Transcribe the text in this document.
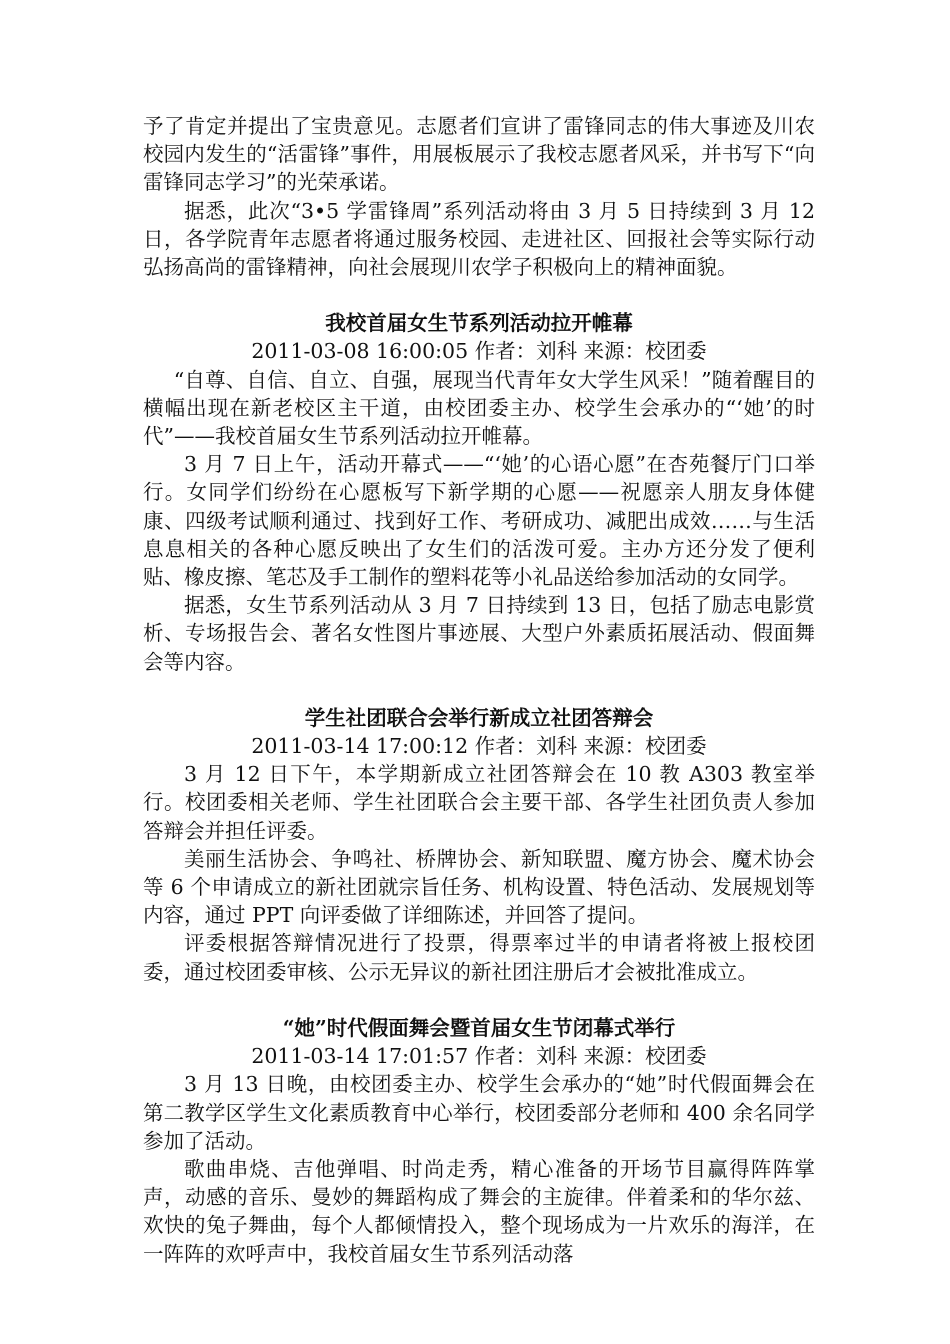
予了肯定并提出了宝贵意见。志愿者们宣讲了雷锋同志的伟大事迹及川农校园内发生的“活雷锋”事件，用展板展示了我校志愿者风采，并书写下“向雷锋同志学习”的光荣承诺。

据悉，此次“3•5 学雷锋周”系列活动将由 3 月 5 日持续到 3 月 12 日，各学院青年志愿者将通过服务校园、走进社区、回报社会等实际行动弘扬高尚的雷锋精神，向社会展现川农学子积极向上的精神面貌。

我校首届女生节系列活动拉开帷幕

2011-03-08 16:00:05 作者：刘科 来源：校团委

“自尊、自信、自立、自强，展现当代青年女大学生风采！”随着醒目的横幅出现在新老校区主干道，由校团委主办、校学生会承办的“‘她’的时代”——我校首届女生节系列活动拉开帷幕。

3 月 7 日上午，活动开幕式——“‘她’的心语心愿”在杏苑餐厅门口举行。女同学们纷纷在心愿板写下新学期的心愿——祝愿亲人朋友身体健康、四级考试顺利通过、找到好工作、考研成功、减肥出成效……与生活息息相关的各种心愿反映出了女生们的活泼可爱。主办方还分发了便利贴、橡皮擦、笔芯及手工制作的塑料花等小礼品送给参加活动的女同学。

据悉，女生节系列活动从 3 月 7 日持续到 13 日，包括了励志电影赏析、专场报告会、著名女性图片事迹展、大型户外素质拓展活动、假面舞会等内容。

学生社团联合会举行新成立社团答辩会

2011-03-14 17:00:12 作者：刘科 来源：校团委

3 月 12 日下午，本学期新成立社团答辩会在 10 教 A303 教室举行。校团委相关老师、学生社团联合会主要干部、各学生社团负责人参加答辩会并担任评委。

美丽生活协会、争鸣社、桥牌协会、新知联盟、魔方协会、魔术协会等 6 个申请成立的新社团就宗旨任务、机构设置、特色活动、发展规划等内容，通过 PPT 向评委做了详细陈述，并回答了提问。

评委根据答辩情况进行了投票，得票率过半的申请者将被上报校团委，通过校团委审核、公示无异议的新社团注册后才会被批准成立。

“她”时代假面舞会暨首届女生节闭幕式举行

2011-03-14 17:01:57 作者：刘科 来源：校团委

3 月 13 日晚，由校团委主办、校学生会承办的“她”时代假面舞会在第二教学区学生文化素质教育中心举行，校团委部分老师和 400 余名同学参加了活动。

歌曲串烧、吉他弹唱、时尚走秀，精心准备的开场节目赢得阵阵掌声，动感的音乐、曼妙的舞蹈构成了舞会的主旋律。伴着柔和的华尔兹、欢快的兔子舞曲，每个人都倾情投入，整个现场成为一片欢乐的海洋，在一阵阵的欢呼声中，我校首届女生节系列活动落
